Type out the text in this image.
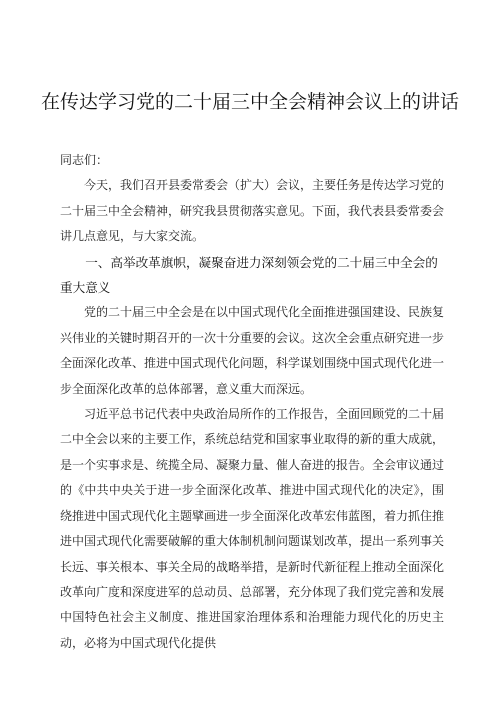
在传达学习党的二十届三中全会精神会议上的讲话

同志们：

今天，我们召开县委常委会（扩大）会议，主要任务是传达学习党的二十届三中全会精神，研究我县贯彻落实意见。下面，我代表县委常委会讲几点意见，与大家交流。

一、高举改革旗帜，凝聚奋进力深刻领会党的二十届三中全会的重大意义

党的二十届三中全会是在以中国式现代化全面推进强国建设、民族复兴伟业的关键时期召开的一次十分重要的会议。这次全会重点研究进一步全面深化改革、推进中国式现代化问题，科学谋划围绕中国式现代化进一步全面深化改革的总体部署，意义重大而深远。

习近平总书记代表中央政治局所作的工作报告，全面回顾党的二十届二中全会以来的主要工作，系统总结党和国家事业取得的新的重大成就，是一个实事求是、统揽全局、凝聚力量、催人奋进的报告。全会审议通过的《中共中央关于进一步全面深化改革、推进中国式现代化的决定》，围绕推进中国式现代化主题擘画进一步全面深化改革宏伟蓝图，着力抓住推进中国式现代化需要破解的重大体制机制问题谋划改革，提出一系列事关长远、事关根本、事关全局的战略举措，是新时代新征程上推动全面深化改革向广度和深度进军的总动员、总部署，充分体现了我们党完善和发展中国特色社会主义制度、推进国家治理体系和治理能力现代化的历史主动，必将为中国式现代化提供
